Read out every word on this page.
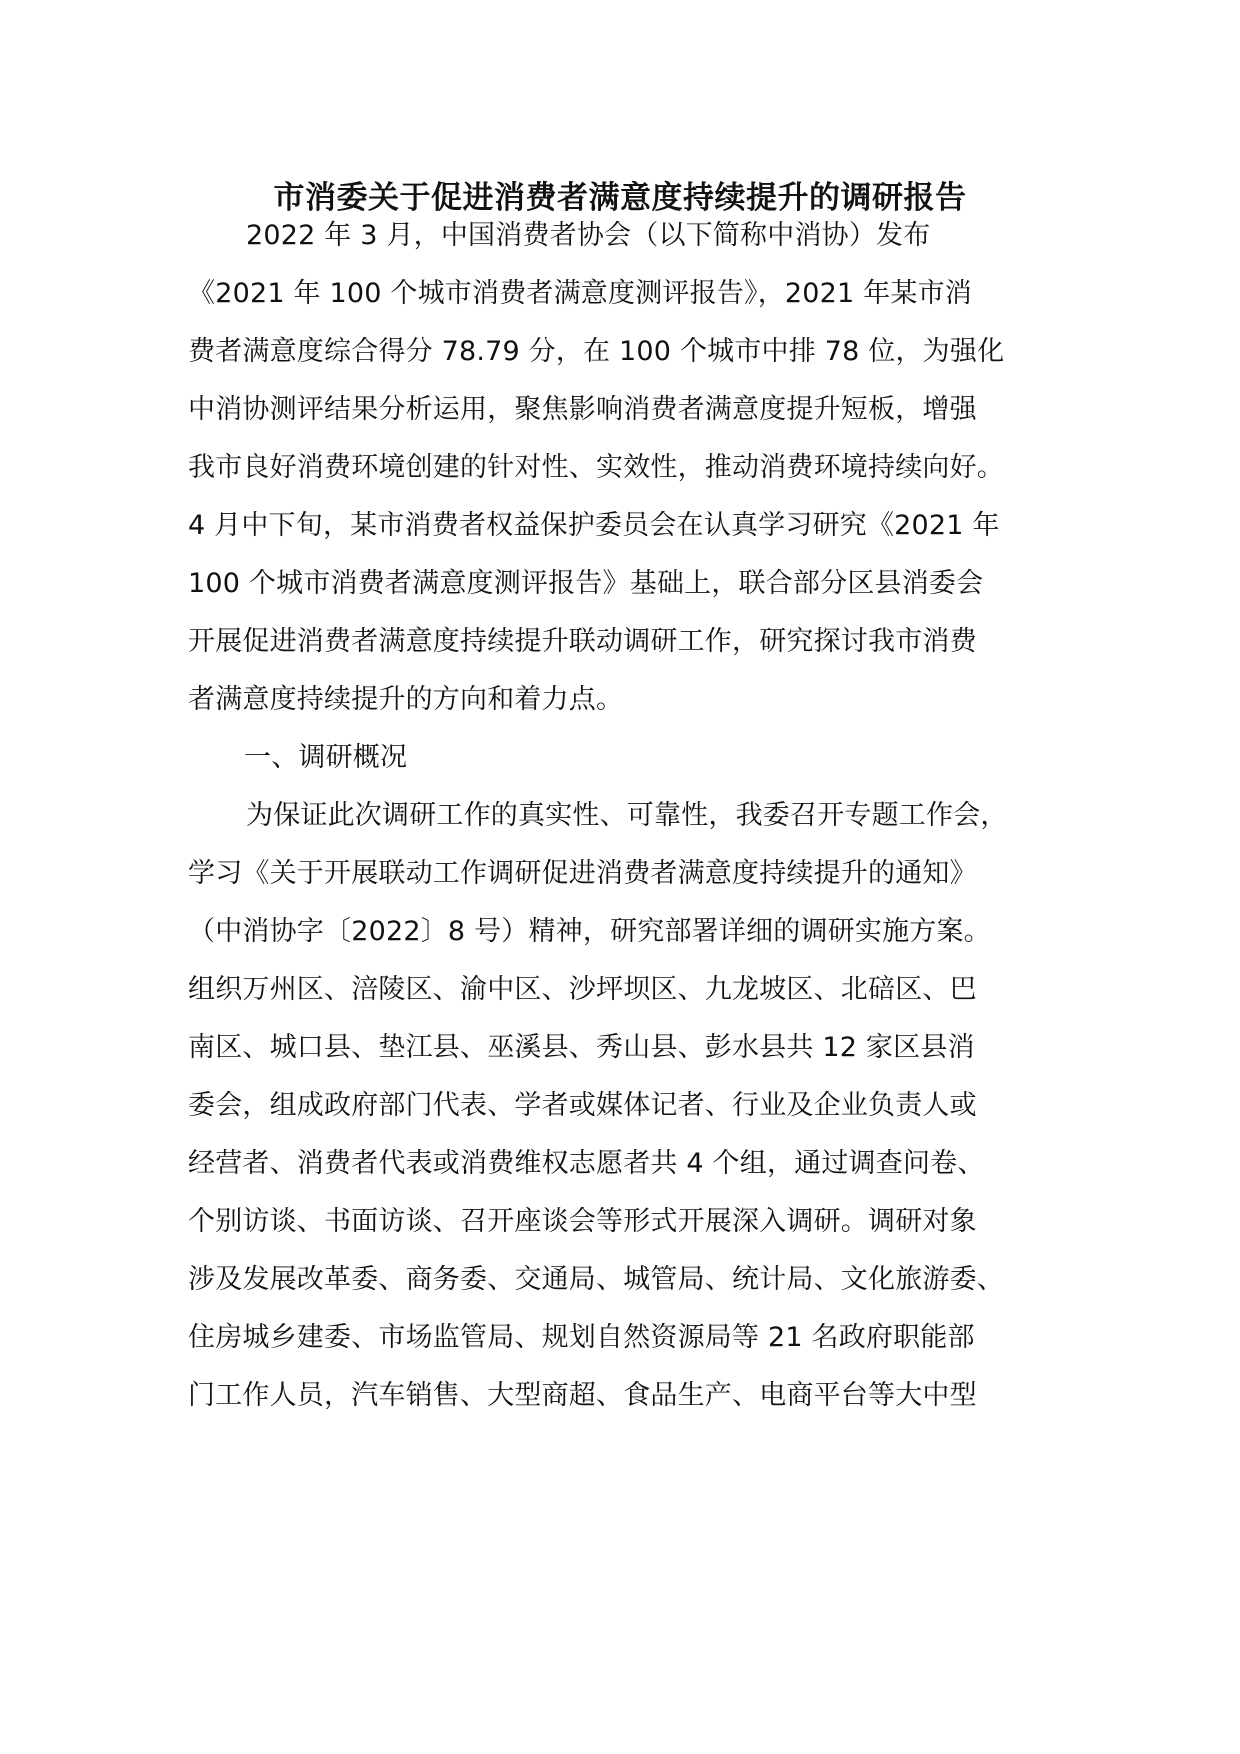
市消委关于促进消费者满意度持续提升的调研报告
2022 年 3 月，中国消费者协会（以下简称中消协）发布
《2021 年 100 个城市消费者满意度测评报告》，2021 年某市消
费者满意度综合得分 78.79 分，在 100 个城市中排 78 位，为强化
中消协测评结果分析运用，聚焦影响消费者满意度提升短板，增强
我市良好消费环境创建的针对性、实效性，推动消费环境持续向好。
4 月中下旬，某市消费者权益保护委员会在认真学习研究《2021 年
100 个城市消费者满意度测评报告》基础上，联合部分区县消委会
开展促进消费者满意度持续提升联动调研工作，研究探讨我市消费
者满意度持续提升的方向和着力点。
一、调研概况
为保证此次调研工作的真实性、可靠性，我委召开专题工作会，
学习《关于开展联动工作调研促进消费者满意度持续提升的通知》
（中消协字〔2022〕8 号）精神，研究部署详细的调研实施方案。
组织万州区、涪陵区、渝中区、沙坪坝区、九龙坡区、北碚区、巴
南区、城口县、垫江县、巫溪县、秀山县、彭水县共 12 家区县消
委会，组成政府部门代表、学者或媒体记者、行业及企业负责人或
经营者、消费者代表或消费维权志愿者共 4 个组，通过调查问卷、
个别访谈、书面访谈、召开座谈会等形式开展深入调研。调研对象
涉及发展改革委、商务委、交通局、城管局、统计局、文化旅游委、
住房城乡建委、市场监管局、规划自然资源局等 21 名政府职能部
门工作人员，汽车销售、大型商超、食品生产、电商平台等大中型
